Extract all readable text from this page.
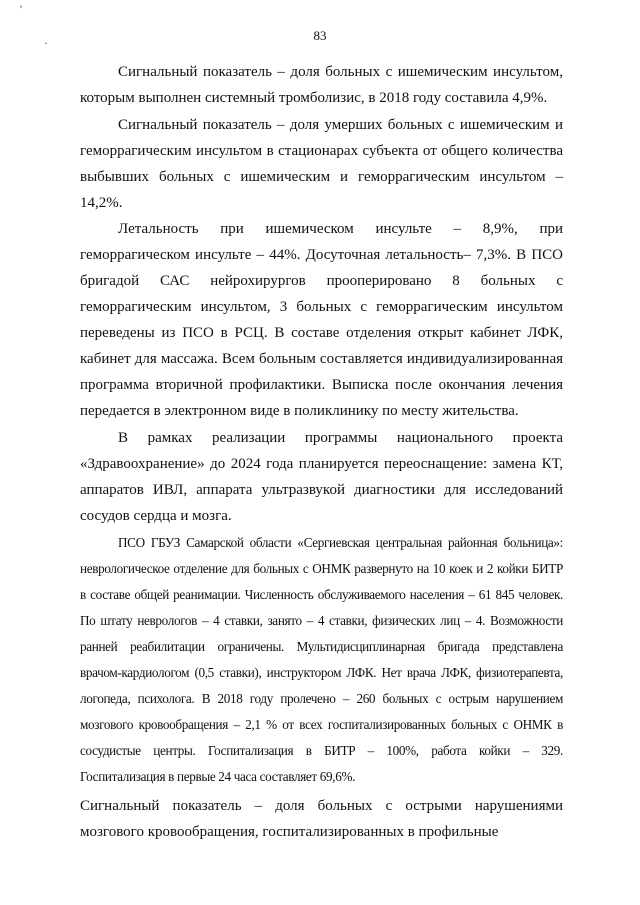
'
·	83
Сигнальный показатель – доля больных с ишемическим инсультом,
которым выполнен системный тромболизис, в 2018 году составила 4,9%.
Сигнальный показатель – доля умерших больных с ишемическим и
геморрагическим инсультом в стационарах субъекта от общего количества
выбывших больных с ишемическим и геморрагическим инсультом –
14,2%.
Летальность при ишемическом инсульте – 8,9%, при
геморрагическом инсульте – 44%. Досуточная летальность– 7,3%. В ПСО
бригадой САС нейрохирургов прооперировано 8 больных с
геморрагическим инсультом, 3 больных с геморрагическим инсультом
переведены из ПСО в РСЦ. В составе отделения открыт кабинет ЛФК,
кабинет для массажа. Всем больным составляется индивидуализированная
программа вторичной профилактики. Выписка после окончания лечения
передается в электронном виде в поликлинику по месту жительства.
В рамках реализации программы национального проекта
«Здравоохранение» до 2024 года планируется переоснащение: замена КТ,
аппаратов ИВЛ, аппарата ультразвукой диагностики для исследований
сосудов сердца и мозга.
ПСО ГБУЗ Самарской области «Сергиевская центральная районная больница»:
неврологическое отделение для больных с ОНМК развернуто на 10 коек и 2 койки БИТР
в составе общей реанимации. Численность обслуживаемого населения – 61 845 человек.
По штату неврологов – 4 ставки, занято – 4 ставки, физических лиц – 4. Возможности
ранней реабилитации ограничены. Мультидисциплинарная бригада представлена
врачом-кардиологом (0,5 ставки), инструктором ЛФК. Нет врача ЛФК, физиотерапевта,
логопеда, психолога. В 2018 году пролечено – 260 больных с острым нарушением
мозгового кровообращения – 2,1 % от всех госпитализированных больных с ОНМК в
сосудистые центры. Госпитализация в БИТР – 100%, работа койки – 329.
Госпитализация в первые 24 часа составляет 69,6%.
Сигнальный показатель – доля больных с острыми нарушениями
мозгового кровообращения, госпитализированных в профильные
